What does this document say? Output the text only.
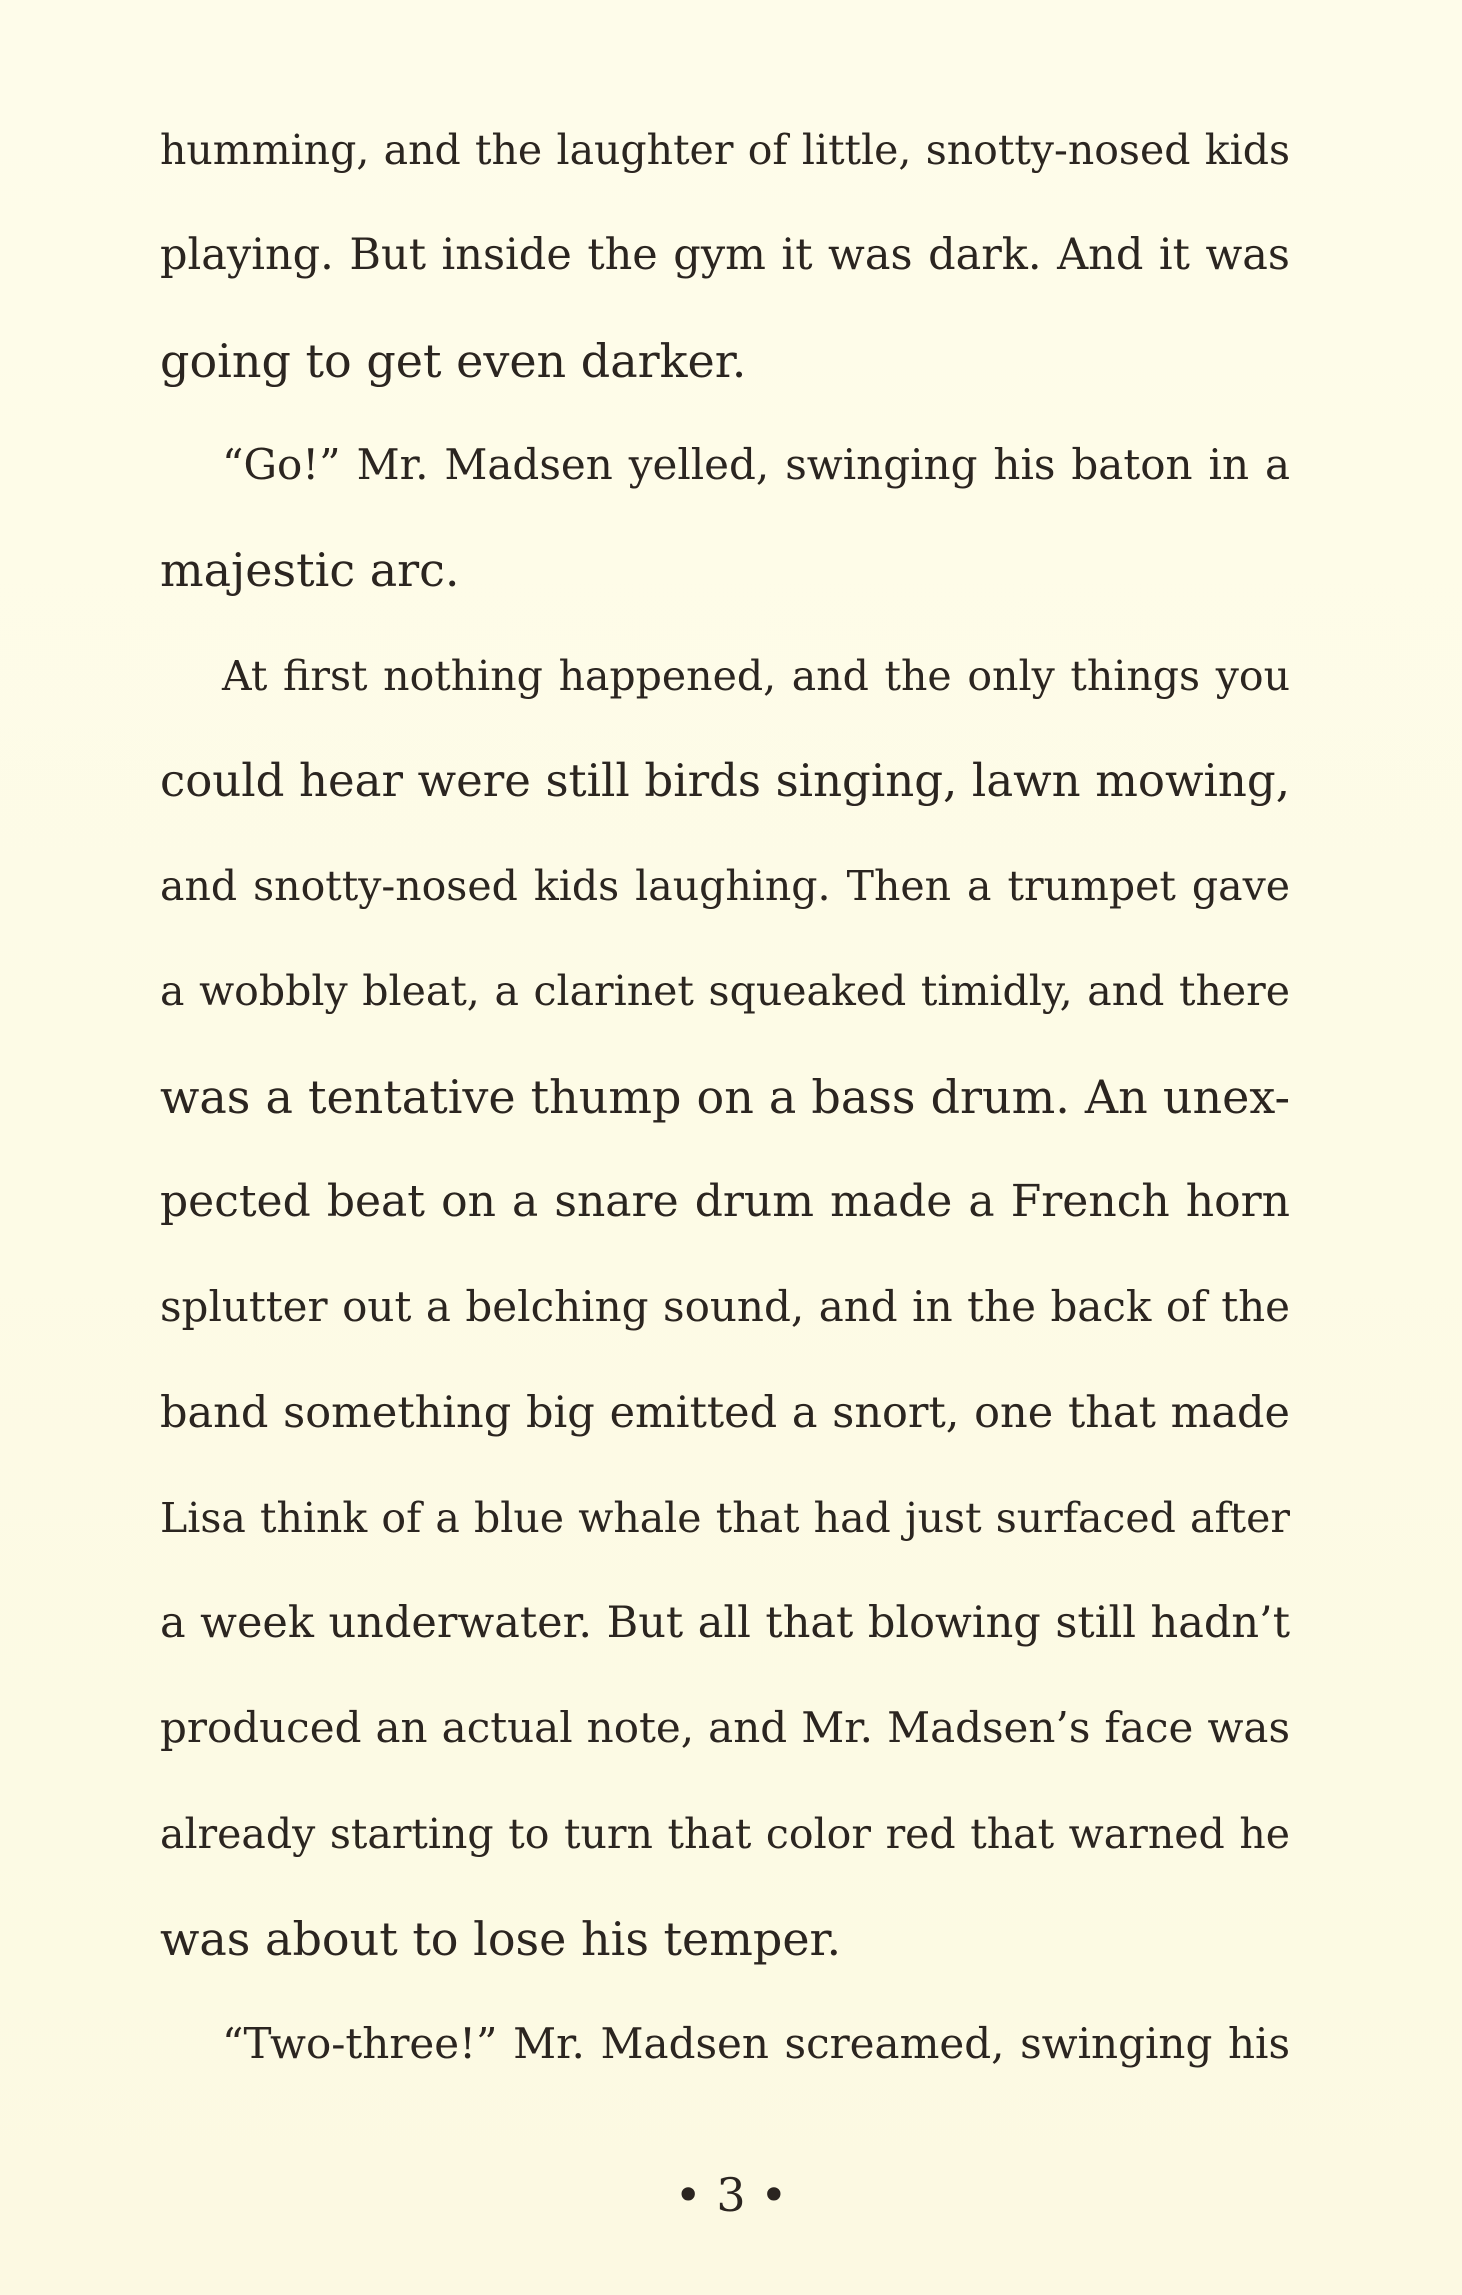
humming, and the laughter of little, snotty-nosed kids
playing. But inside the gym it was dark. And it was
going to get even darker.
“Go!” Mr. Madsen yelled, swinging his baton in a
majestic arc.
At first nothing happened, and the only things you
could hear were still birds singing, lawn mowing,
and snotty-nosed kids laughing. Then a trumpet gave
a wobbly bleat, a clarinet squeaked timidly, and there
was a tentative thump on a bass drum. An unex-
pected beat on a snare drum made a French horn
splutter out a belching sound, and in the back of the
band something big emitted a snort, one that made
Lisa think of a blue whale that had just surfaced after
a week underwater. But all that blowing still hadn’t
produced an actual note, and Mr. Madsen’s face was
already starting to turn that color red that warned he
was about to lose his temper.
“Two-three!” Mr. Madsen screamed, swinging his
• 3 •
